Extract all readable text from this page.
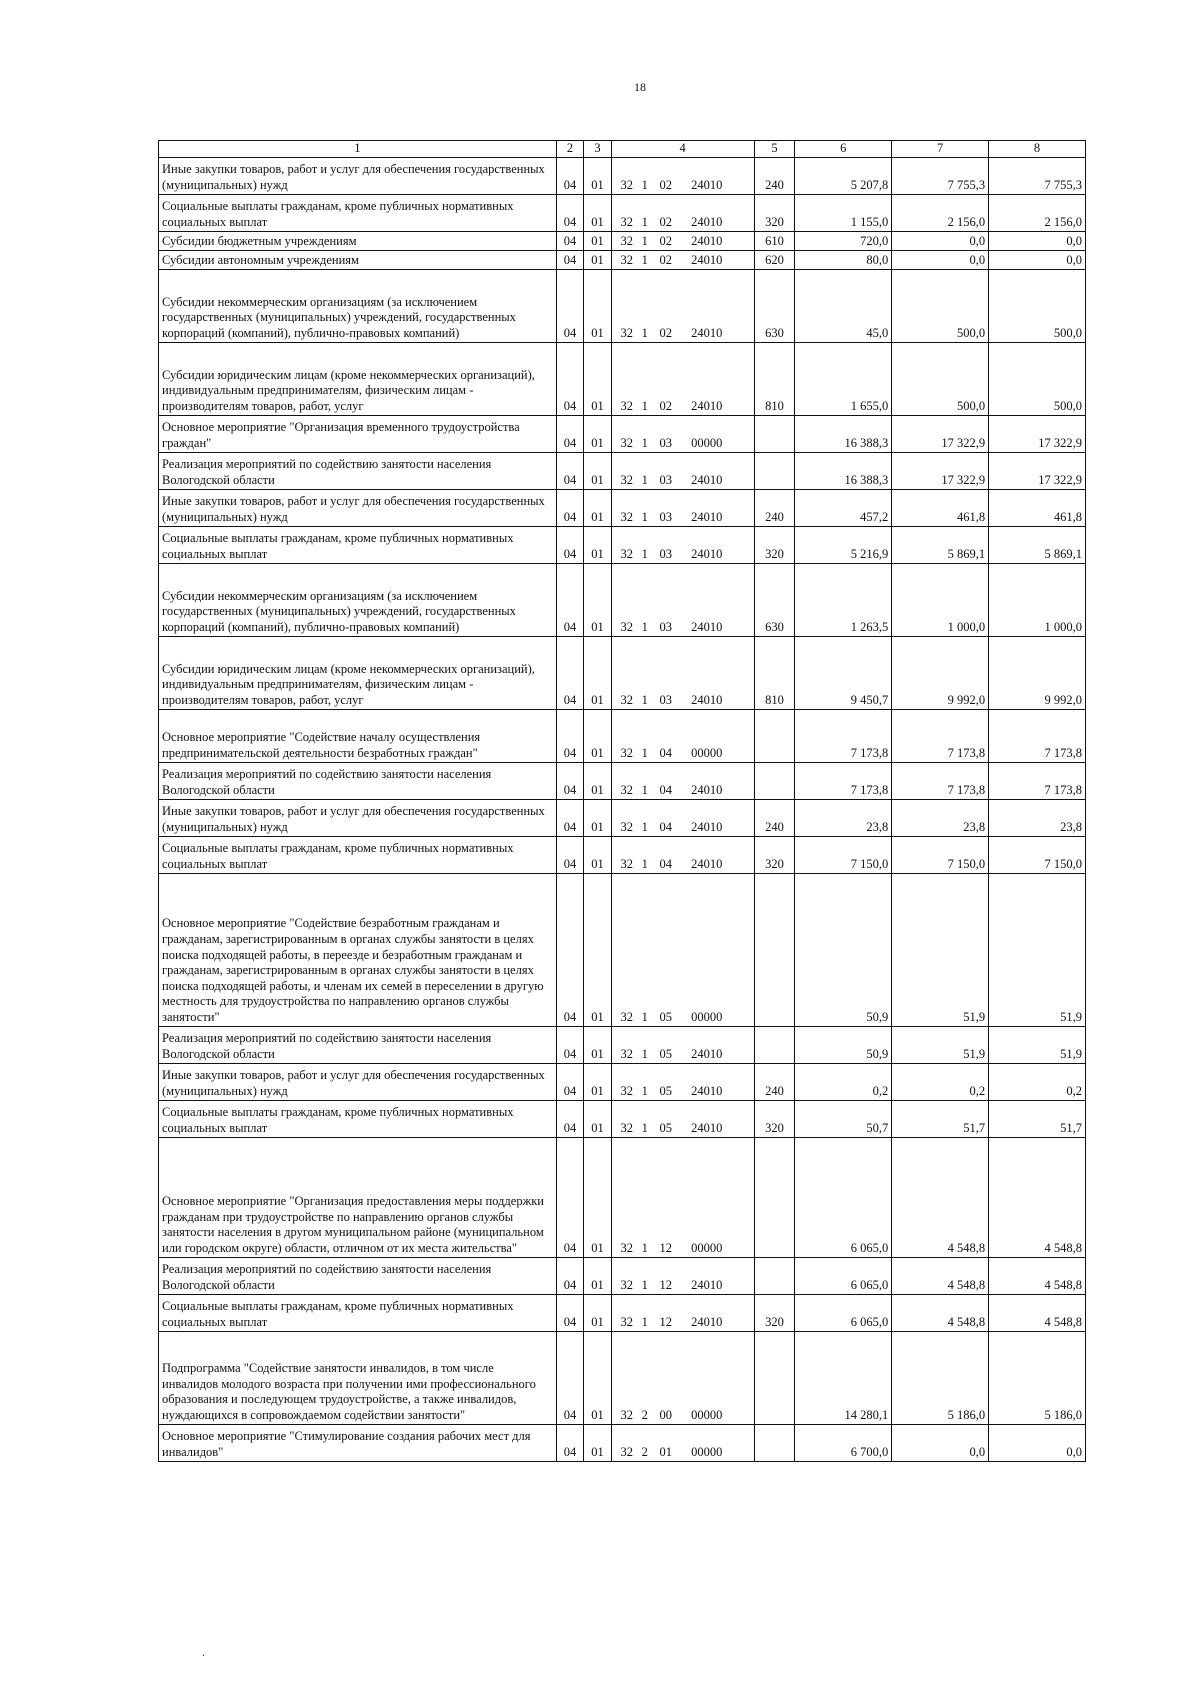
18
1	2	3	4	5	6	7	8
Иные закупки товаров, работ и услуг для обеспечения государственных (муниципальных) нужд	04	01	32 1 02 24010	240	5 207,8	7 755,3	7 755,3
Социальные выплаты гражданам, кроме публичных нормативных социальных выплат	04	01	32 1 02 24010	320	1 155,0	2 156,0	2 156,0
Субсидии бюджетным учреждениям	04	01	32 1 02 24010	610	720,0	0,0	0,0
Субсидии автономным учреждениям	04	01	32 1 02 24010	620	80,0	0,0	0,0
Субсидии некоммерческим организациям (за исключением государственных (муниципальных) учреждений, государственных корпораций (компаний), публично-правовых компаний)	04	01	32 1 02 24010	630	45,0	500,0	500,0
Субсидии юридическим лицам (кроме некоммерческих организаций), индивидуальным предпринимателям, физическим лицам - производителям товаров, работ, услуг	04	01	32 1 02 24010	810	1 655,0	500,0	500,0
Основное мероприятие "Организация временного трудоустройства граждан"	04	01	32 1 03 00000		16 388,3	17 322,9	17 322,9
Реализация мероприятий по содействию занятости населения Вологодской области	04	01	32 1 03 24010		16 388,3	17 322,9	17 322,9
Иные закупки товаров, работ и услуг для обеспечения государственных (муниципальных) нужд	04	01	32 1 03 24010	240	457,2	461,8	461,8
Социальные выплаты гражданам, кроме публичных нормативных социальных выплат	04	01	32 1 03 24010	320	5 216,9	5 869,1	5 869,1
Субсидии некоммерческим организациям (за исключением государственных (муниципальных) учреждений, государственных корпораций (компаний), публично-правовых компаний)	04	01	32 1 03 24010	630	1 263,5	1 000,0	1 000,0
Субсидии юридическим лицам (кроме некоммерческих организаций), индивидуальным предпринимателям, физическим лицам - производителям товаров, работ, услуг	04	01	32 1 03 24010	810	9 450,7	9 992,0	9 992,0
Основное мероприятие "Содействие началу осуществления предпринимательской деятельности безработных граждан"	04	01	32 1 04 00000		7 173,8	7 173,8	7 173,8
Реализация мероприятий по содействию занятости населения Вологодской области	04	01	32 1 04 24010		7 173,8	7 173,8	7 173,8
Иные закупки товаров, работ и услуг для обеспечения государственных (муниципальных) нужд	04	01	32 1 04 24010	240	23,8	23,8	23,8
Социальные выплаты гражданам, кроме публичных нормативных социальных выплат	04	01	32 1 04 24010	320	7 150,0	7 150,0	7 150,0
Основное мероприятие "Содействие безработным гражданам и гражданам, зарегистрированным в органах службы занятости в целях поиска подходящей работы, в переезде и безработным гражданам и гражданам, зарегистрированным в органах службы занятости в целях поиска подходящей работы, и членам их семей в переселении в другую местность для трудоустройства по направлению органов службы занятости"	04	01	32 1 05 00000		50,9	51,9	51,9
Реализация мероприятий по содействию занятости населения Вологодской области	04	01	32 1 05 24010		50,9	51,9	51,9
Иные закупки товаров, работ и услуг для обеспечения государственных (муниципальных) нужд	04	01	32 1 05 24010	240	0,2	0,2	0,2
Социальные выплаты гражданам, кроме публичных нормативных социальных выплат	04	01	32 1 05 24010	320	50,7	51,7	51,7
Основное мероприятие "Организация предоставления меры поддержки гражданам при трудоустройстве по направлению органов службы занятости населения в другом муниципальном районе (муниципальном или городском округе) области, отличном от их места жительства"	04	01	32 1 12 00000		6 065,0	4 548,8	4 548,8
Реализация мероприятий по содействию занятости населения Вологодской области	04	01	32 1 12 24010		6 065,0	4 548,8	4 548,8
Социальные выплаты гражданам, кроме публичных нормативных социальных выплат	04	01	32 1 12 24010	320	6 065,0	4 548,8	4 548,8
Подпрограмма "Содействие занятости инвалидов, в том числе инвалидов молодого возраста при получении ими профессионального образования и последующем трудоустройстве, а также инвалидов, нуждающихся в сопровождаемом содействии занятости"	04	01	32 2 00 00000		14 280,1	5 186,0	5 186,0
Основное мероприятие "Стимулирование создания рабочих мест для инвалидов"	04	01	32 2 01 00000		6 700,0	0,0	0,0
.
